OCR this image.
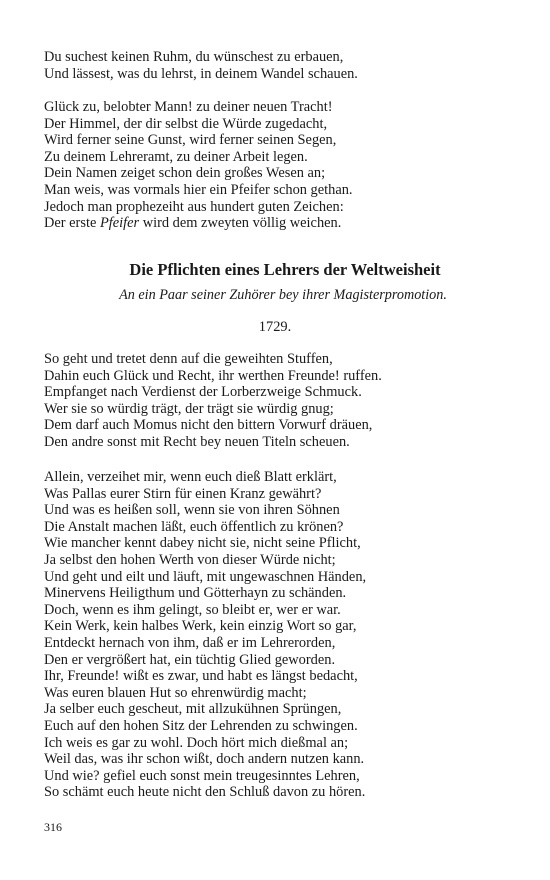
Du suchest keinen Ruhm, du wünschest zu erbauen,
Und lässest, was du lehrst, in deinem Wandel schauen.
Glück zu, belobter Mann! zu deiner neuen Tracht!
Der Himmel, der dir selbst die Würde zugedacht,
Wird ferner seine Gunst, wird ferner seinen Segen,
Zu deinem Lehreramt, zu deiner Arbeit legen.
Dein Namen zeiget schon dein großes Wesen an;
Man weis, was vormals hier ein Pfeifer schon gethan.
Jedoch man prophezeiht aus hundert guten Zeichen:
Der erste Pfeifer wird dem zweyten völlig weichen.
Die Pflichten eines Lehrers der Weltweisheit
An ein Paar seiner Zuhörer bey ihrer Magisterpromotion.
1729.
So geht und tretet denn auf die geweihten Stuffen,
Dahin euch Glück und Recht, ihr werthen Freunde! ruffen.
Empfanget nach Verdienst der Lorberzweige Schmuck.
Wer sie so würdig trägt, der trägt sie würdig gnug;
Dem darf auch Momus nicht den bittern Vorwurf dräuen,
Den andre sonst mit Recht bey neuen Titeln scheuen.
Allein, verzeihet mir, wenn euch dieß Blatt erklärt,
Was Pallas eurer Stirn für einen Kranz gewährt?
Und was es heißen soll, wenn sie von ihren Söhnen
Die Anstalt machen läßt, euch öffentlich zu krönen?
Wie mancher kennt dabey nicht sie, nicht seine Pflicht,
Ja selbst den hohen Werth von dieser Würde nicht;
Und geht und eilt und läuft, mit ungewaschnen Händen,
Minervens Heiligthum und Götterhayn zu schänden.
Doch, wenn es ihm gelingt, so bleibt er, wer er war.
Kein Werk, kein halbes Werk, kein einzig Wort so gar,
Entdeckt hernach von ihm, daß er im Lehrerorden,
Den er vergrößert hat, ein tüchtig Glied geworden.
Ihr, Freunde! wißt es zwar, und habt es längst bedacht,
Was euren blauen Hut so ehrenwürdig macht;
Ja selber euch gescheut, mit allzukühnen Sprüngen,
Euch auf den hohen Sitz der Lehrenden zu schwingen.
Ich weis es gar zu wohl. Doch hört mich dießmal an;
Weil das, was ihr schon wißt, doch andern nutzen kann.
Und wie? gefiel euch sonst mein treugesinntes Lehren,
So schämt euch heute nicht den Schluß davon zu hören.
316
